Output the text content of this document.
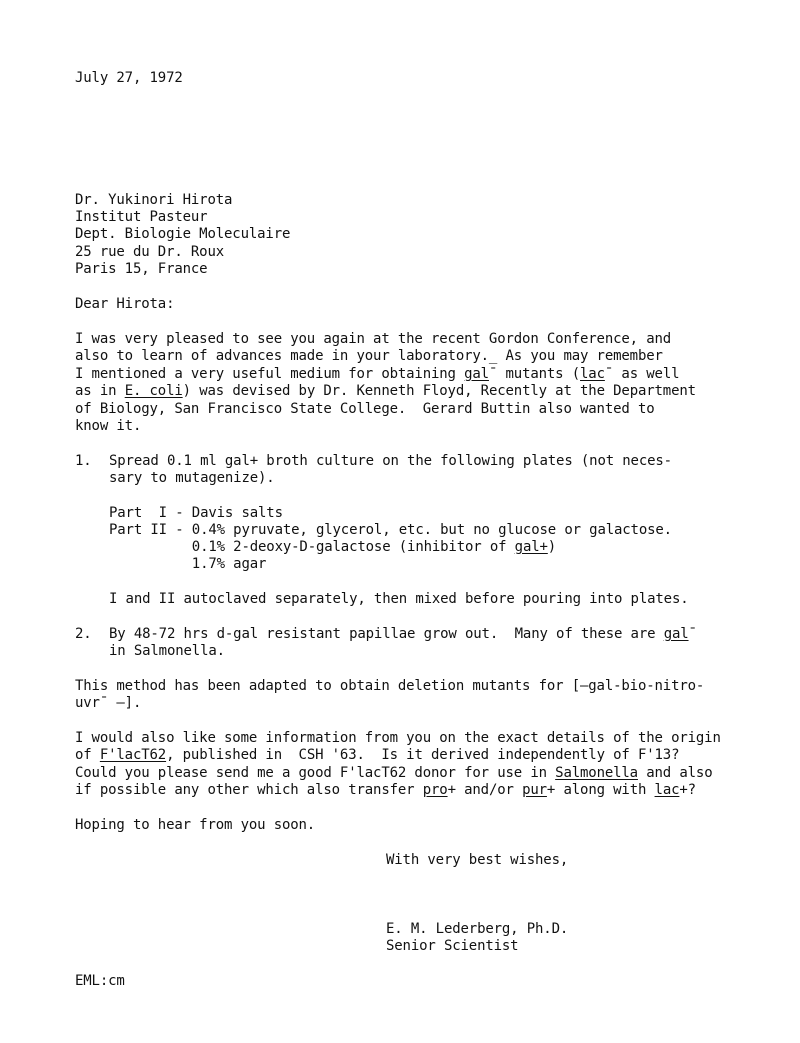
July 27, 1972

Dr. Yukinori Hirota

Institut Pasteur

Dept. Biologie Moleculaire

25 rue du Dr. Roux

Paris 15, France

Dear Hirota:

I was very pleased to see you again at the recent Gordon Conference, and

also to learn of advances made in your laboratory._ As you may remember

I mentioned a very useful medium for obtaining gal¯ mutants (lac¯ as well

as in E. coli) was devised by Dr. Kenneth Floyd, Recently at the Department

of Biology, San Francisco State College.  Gerard Buttin also wanted to

know it.

1. Spread 0.1 ml gal+ broth culture on the following plates (not neces-

sary to mutagenize).

Part  I - Davis salts

Part II - 0.4% pyruvate, glycerol, etc. but no glucose or galactose.

0.1% 2-deoxy-D-galactose (inhibitor of gal+)

1.7% agar

I and II autoclaved separately, then mixed before pouring into plates.

2. By 48-72 hrs d-gal resistant papillae grow out.  Many of these are gal¯

in Salmonella.

This method has been adapted to obtain deletion mutants for [—gal-bio-nitro-

uvr¯ —].

I would also like some information from you on the exact details of the origin

of F'lacT62, published in  CSH '63.  Is it derived independently of F'13?

Could you please send me a good F'lacT62 donor for use in Salmonella and also

if possible any other which also transfer pro+ and/or pur+ along with lac+?

Hoping to hear from you soon.

With very best wishes,

E. M. Lederberg, Ph.D.

Senior Scientist

EML:cm
